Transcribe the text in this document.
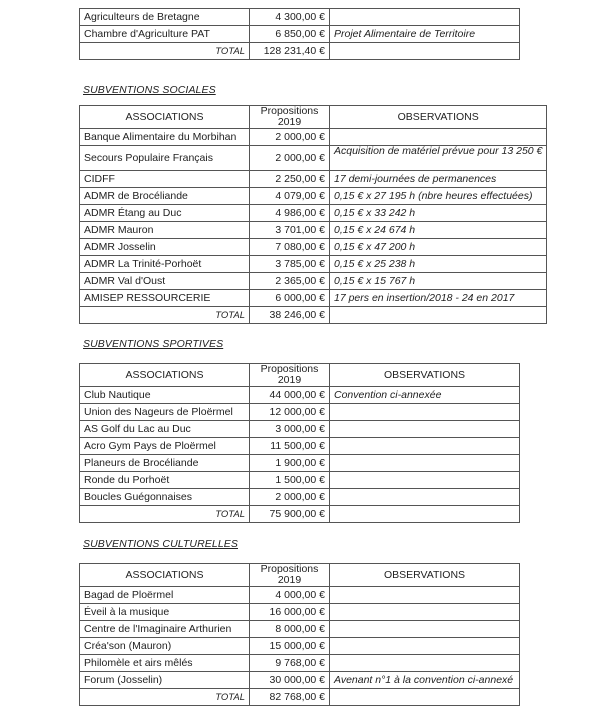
Agriculteurs de Bretagne	4 300,00 €	
Chambre d'Agriculture PAT	6 850,00 €	Projet Alimentaire de Territoire
TOTAL	128 231,40 €	
SUBVENTIONS SOCIALES
ASSOCIATIONS	Propositions 2019	OBSERVATIONS
Banque Alimentaire du Morbihan	2 000,00 €	
Secours Populaire Français	2 000,00 €	Acquisition de matériel prévue pour 13 250 €
CIDFF	2 250,00 €	17 demi-journées de permanences
ADMR de Brocéliande	4 079,00 €	0,15 € x 27 195 h (nbre heures effectuées)
ADMR Étang au Duc	4 986,00 €	0,15 € x 33 242 h
ADMR Mauron	3 701,00 €	0,15 € x 24 674 h
ADMR Josselin	7 080,00 €	0,15 € x 47 200 h
ADMR La Trinité-Porhoët	3 785,00 €	0,15 € x 25 238 h
ADMR Val d'Oust	2 365,00 €	0,15 € x 15 767 h
AMISEP RESSOURCERIE	6 000,00 €	17 pers en insertion/2018 - 24 en 2017
TOTAL	38 246,00 €	
SUBVENTIONS SPORTIVES
ASSOCIATIONS	Propositions 2019	OBSERVATIONS
Club Nautique	44 000,00 €	Convention ci-annexée
Union des Nageurs de Ploërmel	12 000,00 €	
AS Golf du Lac au Duc	3 000,00 €	
Acro Gym Pays de Ploërmel	11 500,00 €	
Planeurs de Brocéliande	1 900,00 €	
Ronde du Porhoët	1 500,00 €	
Boucles Guégonnaises	2 000,00 €	
TOTAL	75 900,00 €	
SUBVENTIONS CULTURELLES
ASSOCIATIONS	Propositions 2019	OBSERVATIONS
Bagad de Ploërmel	4 000,00 €	
Éveil à la musique	16 000,00 €	
Centre de l'Imaginaire Arthurien	8 000,00 €	
Créa'son (Mauron)	15 000,00 €	
Philomèle et airs mêlés	9 768,00 €	
Forum (Josselin)	30 000,00 €	Avenant n°1 à la convention ci-annexé
TOTAL	82 768,00 €	
